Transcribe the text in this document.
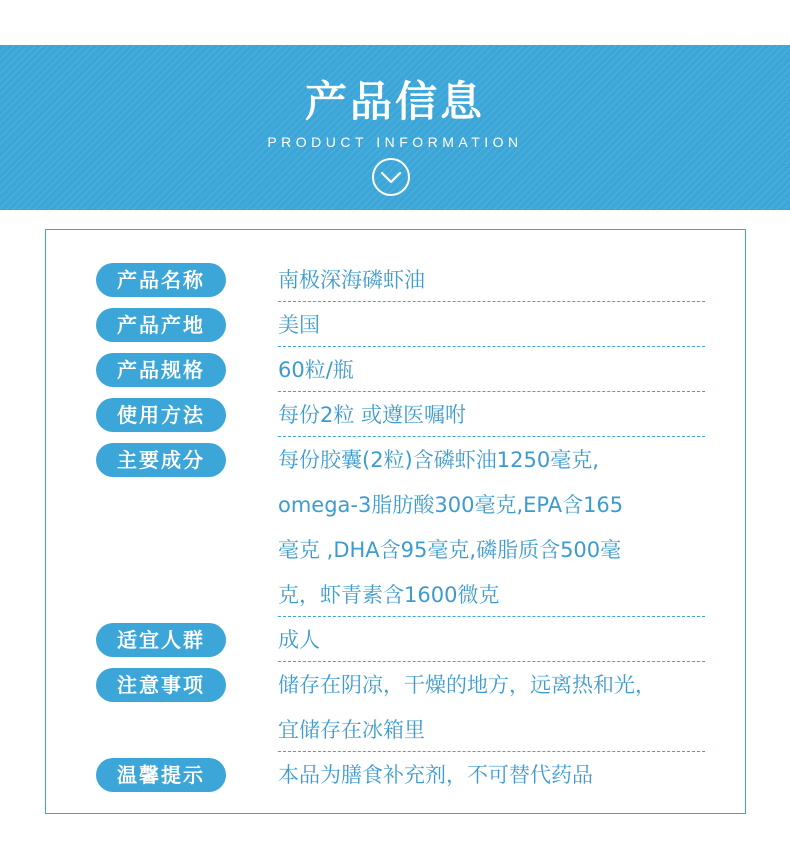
产品信息
PRODUCT INFORMATION
产品名称	南极深海磷虾油
产品产地	美国
产品规格	60粒/瓶
使用方法	每份2粒 或遵医嘱咐
主要成分	每份胶囊(2粒)含磷虾油1250毫克,
omega-3脂肪酸300毫克,EPA含165
毫克 ,DHA含95毫克,磷脂质含500毫
克，虾青素含1600微克
适宜人群	成人
注意事项	储存在阴凉，干燥的地方，远离热和光，
宜储存在冰箱里
温馨提示	本品为膳食补充剂，不可替代药品
